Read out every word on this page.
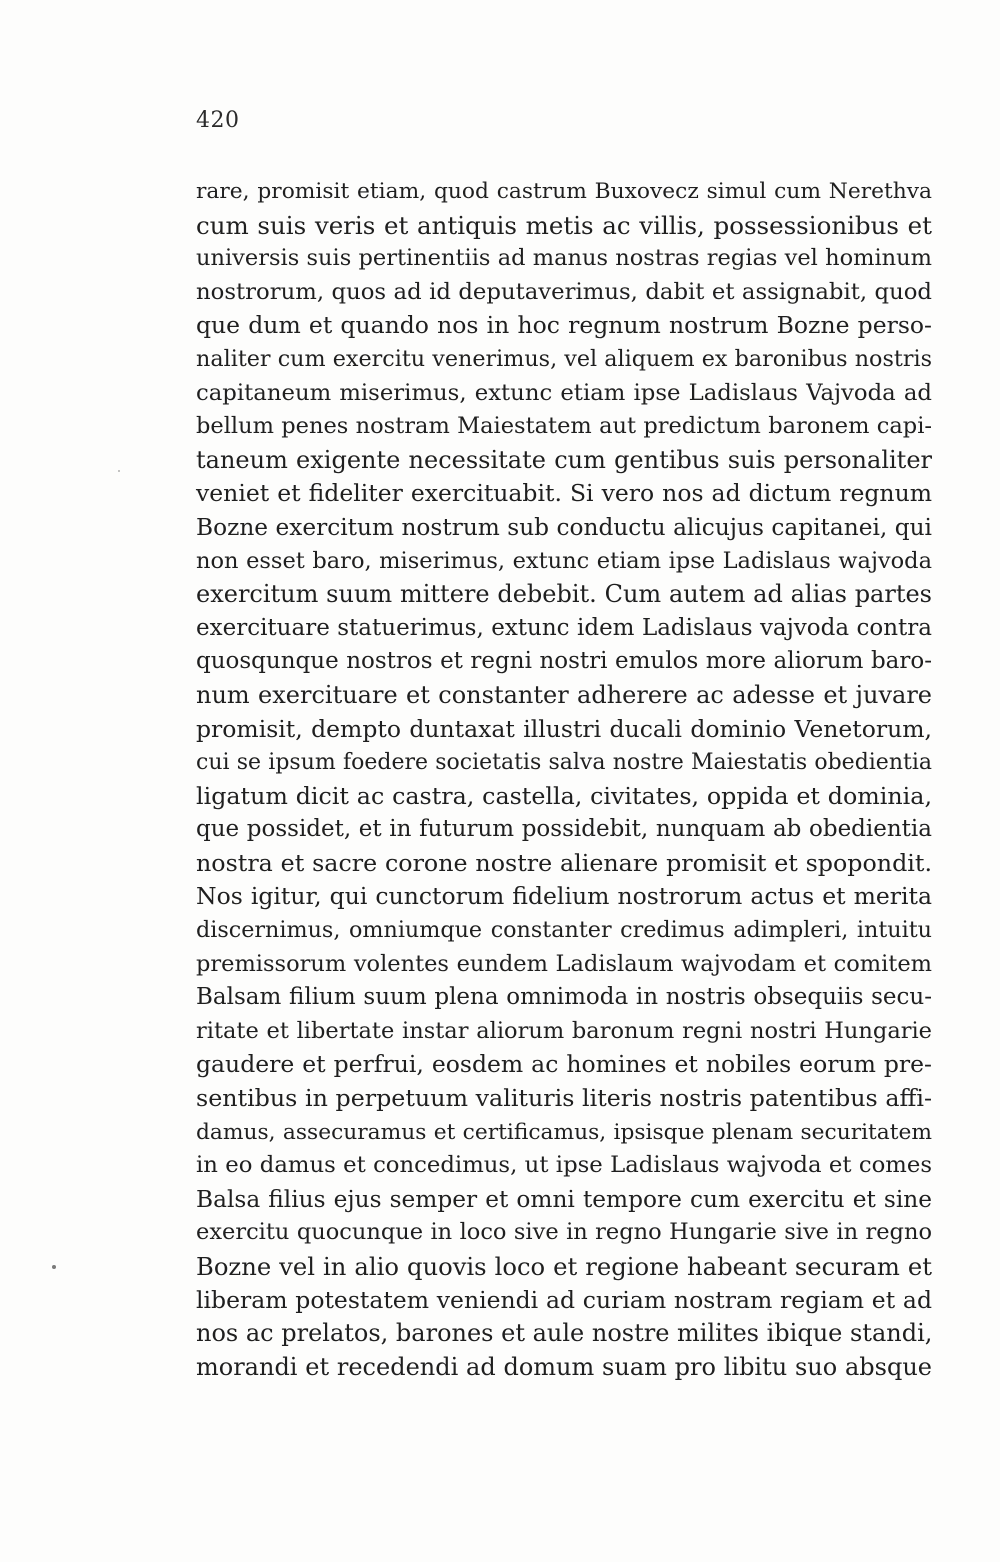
420
rare, promisit etiam, quod castrum Buxovecz simul cum Nerethva
cum suis veris et antiquis metis ac villis, possessionibus et
universis suis pertinentiis ad manus nostras regias vel hominum
nostrorum, quos ad id deputaverimus, dabit et assignabit, quod
que dum et quando nos in hoc regnum nostrum Bozne perso-
naliter cum exercitu venerimus, vel aliquem ex baronibus nostris
capitaneum miserimus, extunc etiam ipse Ladislaus Vajvoda ad
bellum penes nostram Maiestatem aut predictum baronem capi-
taneum exigente necessitate cum gentibus suis personaliter
veniet et fideliter exercituabit. Si vero nos ad dictum regnum
Bozne exercitum nostrum sub conductu alicujus capitanei, qui
non esset baro, miserimus, extunc etiam ipse Ladislaus wajvoda
exercitum suum mittere debebit. Cum autem ad alias partes
exercituare statuerimus, extunc idem Ladislaus vajvoda contra
quosqunque nostros et regni nostri emulos more aliorum baro-
num exercituare et constanter adherere ac adesse et juvare
promisit, dempto duntaxat illustri ducali dominio Venetorum,
cui se ipsum foedere societatis salva nostre Maiestatis obedientia
ligatum dicit ac castra, castella, civitates, oppida et dominia,
que possidet, et in futurum possidebit, nunquam ab obedientia
nostra et sacre corone nostre alienare promisit et spopondit.
Nos igitur, qui cunctorum fidelium nostrorum actus et merita
discernimus, omniumque constanter credimus adimpleri, intuitu
premissorum volentes eundem Ladislaum wajvodam et comitem
Balsam filium suum plena omnimoda in nostris obsequiis secu-
ritate et libertate instar aliorum baronum regni nostri Hungarie
gaudere et perfrui, eosdem ac homines et nobiles eorum pre-
sentibus in perpetuum valituris literis nostris patentibus affi-
damus, assecuramus et certificamus, ipsisque plenam securitatem
in eo damus et concedimus, ut ipse Ladislaus wajvoda et comes
Balsa filius ejus semper et omni tempore cum exercitu et sine
exercitu quocunque in loco sive in regno Hungarie sive in regno
Bozne vel in alio quovis loco et regione habeant securam et
liberam potestatem veniendi ad curiam nostram regiam et ad
nos ac prelatos, barones et aule nostre milites ibique standi,
morandi et recedendi ad domum suam pro libitu suo absque
